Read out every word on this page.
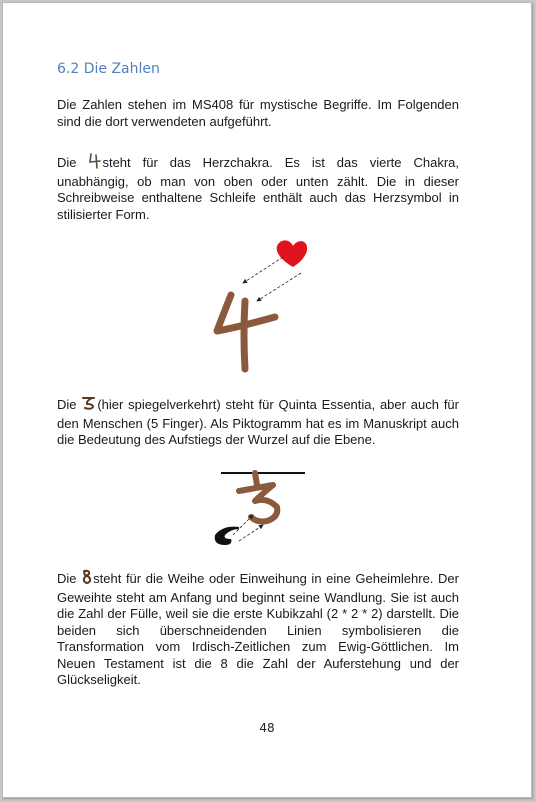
6.2 Die Zahlen

Die Zahlen stehen im MS408 für mystische Begriffe. Im Folgenden sind die dort verwendeten aufgeführt.

Die steht für das Herzchakra. Es ist das vierte Chakra, unabhängig, ob man von oben oder unten zählt. Die in dieser Schreibweise enthaltene Schleife enthält auch das Herzsymbol in stilisierter Form.

Die (hier spiegelverkehrt) steht für Quinta Essentia, aber auch für den Menschen (5 Finger). Als Piktogramm hat es im Manuskript auch die Bedeutung des Aufstiegs der Wurzel auf die Ebene.

Die steht für die Weihe oder Einweihung in eine Geheimlehre. Der Geweihte steht am Anfang und beginnt seine Wandlung. Sie ist auch die Zahl der Fülle, weil sie die erste Kubikzahl (2 * 2 * 2) darstellt. Die beiden sich überschneidenden Linien symbolisieren die Transformation vom Irdisch-Zeitlichen zum Ewig-Göttlichen. Im Neuen Testament ist die 8 die Zahl der Auferstehung und der Glückseligkeit.

48
